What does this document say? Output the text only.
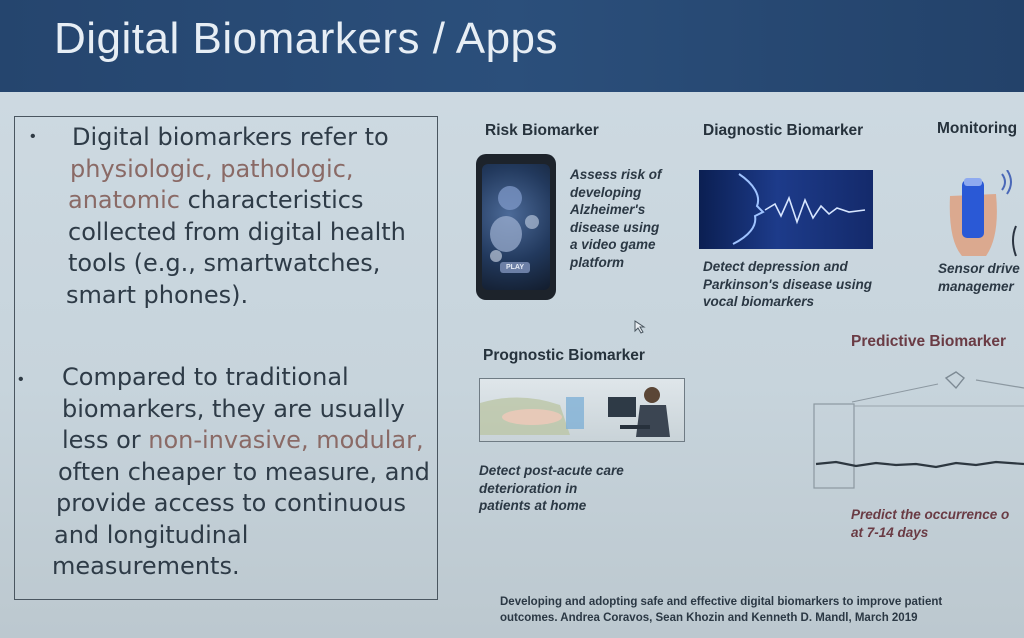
Digital Biomarkers / Apps
• Digital biomarkers refer to
physiologic, pathologic,
anatomic characteristics
collected from digital health
tools (e.g., smartwatches,
smart phones).
• Compared to traditional
biomarkers, they are usually
less or non-invasive, modular,
often cheaper to measure, and
provide access to continuous
and longitudinal
measurements.
Risk Biomarker
PLAY
Assess risk of
developing
Alzheimer's
disease using
a video game
platform
Diagnostic Biomarker
Detect depression and
Parkinson's disease using
vocal biomarkers
Monitoring
Sensor drive
managemer
Prognostic Biomarker
Detect post-acute care
deterioration in
patients at home
Predictive Biomarker
Predict the occurrence o
at 7-14 days
Developing and adopting safe and effective digital biomarkers to improve patient
outcomes. Andrea Coravos, Sean Khozin and Kenneth D. Mandl, March 2019
